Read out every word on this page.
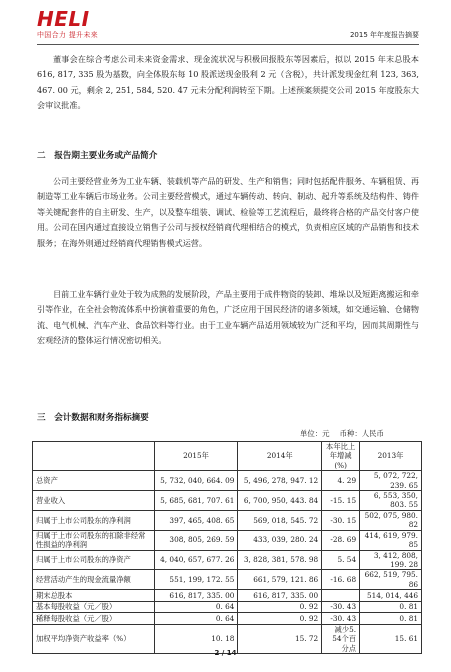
HELI
中国合力 提升未来	2015 年年度报告摘要

董事会在综合考虑公司未来资金需求、现金流状况与积极回报股东等因素后，拟以 2015 年末总股本 616, 817, 335 股为基数，向全体股东每 10 股派送现金股利 2 元（含税），共计派发现金红利 123, 363, 467. 00 元，剩余 2, 251, 584, 520. 47 元未分配利润转至下期。上述预案须提交公司 2015 年度股东大会审议批准。

二　报告期主要业务或产品简介

公司主要经营业务为工业车辆、装载机等产品的研发、生产和销售；同时包括配件服务、车辆租赁、再制造等工业车辆后市场业务。公司主要经营模式，通过车辆传动、转向、制动、起升等系统及结构件、铸件等关键配套件的自主研发、生产，以及整车组装、调试、检验等工艺流程后，最终将合格的产品交付客户使用。公司在国内通过直接设立销售子公司与授权经销商代理相结合的模式，负责相应区域的产品销售和技术服务；在海外则通过经销商代理销售模式运营。

目前工业车辆行业处于较为成熟的发展阶段，产品主要用于成件物资的装卸、堆垛以及短距离搬运和牵引等作业，在全社会物流体系中扮演着重要的角色，广泛应用于国民经济的诸多领域，如交通运输、仓储物流、电气机械、汽车产业、食品饮料等行业。由于工业车辆产品适用领域较为广泛和平均，因而其周期性与宏观经济的整体运行情况密切相关。

三　会计数据和财务指标摘要
单位：元 币种：人民币
	2015年	2014年	本年比上年增减(%)	2013年
总资产	5, 732, 040, 664. 09	5, 496, 278, 947. 12	4. 29	5, 072, 722, 239. 65
营业收入	5, 685, 681, 707. 61	6, 700, 950, 443. 84	-15. 15	6, 553, 350, 803. 55
归属于上市公司股东的净利润	397, 465, 408. 65	569, 018, 545. 72	-30. 15	502, 075, 980. 82
归属于上市公司股东的扣除非经常性损益的净利润	308, 805, 269. 59	433, 039, 280. 24	-28. 69	414, 619, 979. 85
归属于上市公司股东的净资产	4, 040, 657, 677. 26	3, 828, 381, 578. 98	5. 54	3, 412, 808, 199. 28
经营活动产生的现金流量净额	551, 199, 172. 55	661, 579, 121. 86	-16. 68	662, 519, 795. 86
期末总股本	616, 817, 335. 00	616, 817, 335. 00		514, 014, 446
基本每股收益（元／股）	0. 64	0. 92	-30. 43	0. 81
稀释每股收益（元／股）	0. 64	0. 92	-30. 43	0. 81
加权平均净资产收益率（%）	10. 18	15. 72	减少5. 54个百分点	15. 61
2 / 14
